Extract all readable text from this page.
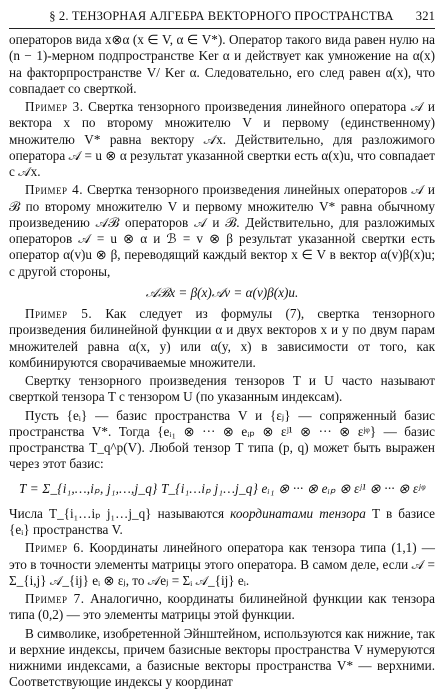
§ 2. ТЕНЗОРНАЯ АЛГЕБРА ВЕКТОРНОГО ПРОСТРАНСТВА	321

операторов вида x⊗α (x ∈ V, α ∈ V*). Оператор такого вида равен нулю на (n − 1)-мерном подпространстве Ker α и действует как умножение на α(x) на факторпространстве V/ Ker α. Следовательно, его след равен α(x), что совпадает со сверткой.

Пример 3. Свертка тензорного произведения линейного оператора 𝒜 и вектора x по второму множителю V и первому (единственному) множителю V* равна вектору 𝒜x. Действительно, для разложимого оператора 𝒜 = u ⊗ α результат указанной свертки есть α(x)u, что совпадает с 𝒜x.

Пример 4. Свертка тензорного произведения линейных операторов 𝒜 и ℬ по второму множителю V и первому множителю V* равна обычному произведению 𝒜ℬ операторов 𝒜 и ℬ. Действительно, для разложимых операторов 𝒜 = u ⊗ α и ℬ = v ⊗ β результат указанной свертки есть оператор α(v)u ⊗ β, переводящий каждый вектор x ∈ V в вектор α(v)β(x)u; с другой стороны,

𝒜ℬx = β(x)𝒜v = α(v)β(x)u.

Пример 5. Как следует из формулы (7), свертка тензорного произведения билинейной функции α и двух векторов x и y по двум парам множителей равна α(x, y) или α(y, x) в зависимости от того, как комбинируются сворачиваемые множители.

Свертку тензорного произведения тензоров T и U часто называют сверткой тензора T с тензором U (по указанным индексам).

Пусть {eᵢ} — базис пространства V и {εⱼ} — сопряженный базис пространства V*. Тогда {eᵢ₁ ⊗ ··· ⊗ eᵢₚ ⊗ εʲ¹ ⊗ ··· ⊗ εʲᵠ} — базис пространства T_q^p(V). Любой тензор T типа (p, q) может быть выражен через этот базис:

T = Σ_{i₁,…,iₚ, j₁,…,j_q} T_{i₁…iₚ j₁…j_q} eᵢ₁ ⊗ ··· ⊗ eᵢₚ ⊗ εʲ¹ ⊗ ··· ⊗ εʲᵠ

Числа T_{i₁…iₚ j₁…j_q} называются координатами тензора T в базисе {eᵢ} пространства V.

Пример 6. Координаты линейного оператора как тензора типа (1,1) — это в точности элементы матрицы этого оператора. В самом деле, если 𝒜 = Σ_{i,j} 𝒜_{ij} eᵢ ⊗ εⱼ, то 𝒜eⱼ = Σᵢ 𝒜_{ij} eᵢ.

Пример 7. Аналогично, координаты билинейной функции как тензора типа (0,2) — это элементы матрицы этой функции.

В символике, изобретенной Эйнштейном, используются как нижние, так и верхние индексы, причем базисные векторы пространства V нумеруются нижними индексами, а базисные векторы пространства V* — верхними. Соответствующие индексы у координат
